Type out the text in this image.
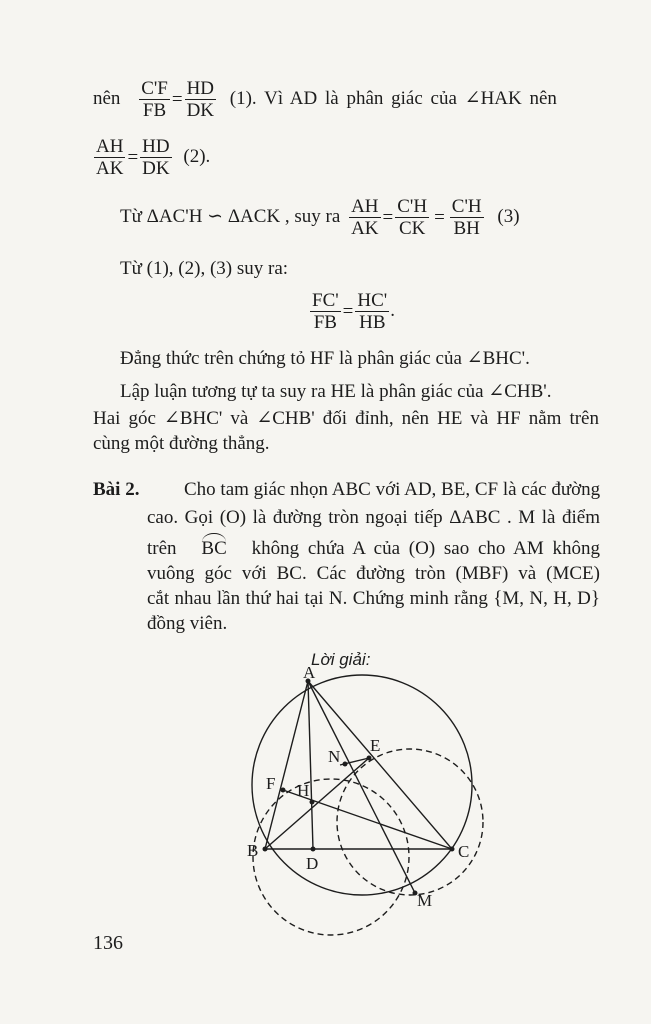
nên $\frac{C'F}{FB} = \frac{HD}{DK} (1)$. Vì AD là phân giác của ∠HAK nên
$\frac{AH}{AK} = \frac{HD}{DK} (2)$.
Từ ΔAC'H ∽ ΔACK , suy ra $\frac{AH}{AK} = \frac{C'H}{CK} = \frac{C'H}{BH} (3)$
Từ (1), (2), (3) suy ra:
$\frac{FC'}{FB} = \frac{HC'}{HB}$ .
Đẳng thức trên chứng tỏ HF là phân giác của ∠BHC'.
Lập luận tương tự ta suy ra HE là phân giác của ∠CHB'.
Hai góc ∠BHC' và ∠CHB' đối đỉnh, nên HE và HF nằm trên
cùng một đường thẳng.
Bài 2. Cho tam giác nhọn ABC với AD, BE, CF là các đường
cao. Gọi (O) là đường tròn ngoại tiếp ΔABC . M là điểm
trên BC không chứa A của (O) sao cho AM không
vuông góc với BC. Các đường tròn (MBF) và (MCE)
cắt nhau lần thứ hai tại N. Chứng minh rằng {M, N, H, D}
đồng viên.
Lời giải:
A
B	C
D
E
F H
M
N
136
